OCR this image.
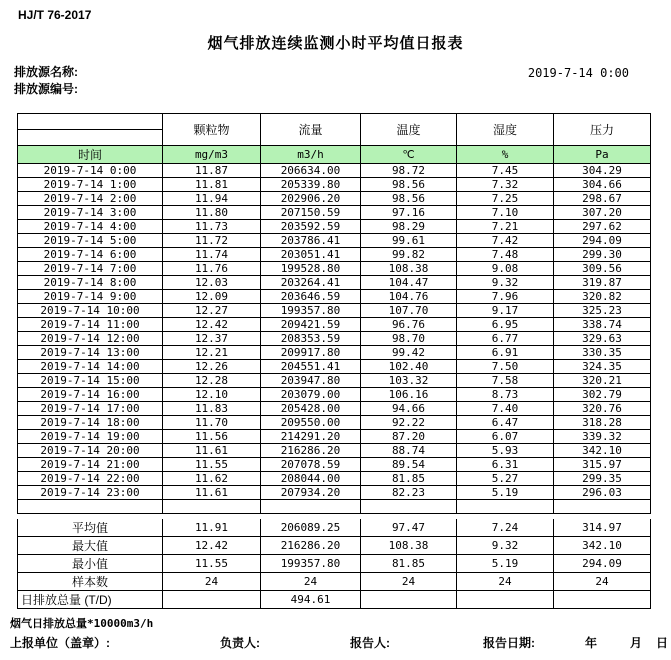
HJ/T 76-2017
烟气排放连续监测小时平均值日报表
排放源名称:
排放源编号:
2019-7-14 0:00
	颗粒物	流量	温度	湿度	压力

时间	mg/m3	m3/h	℃	%	Pa
2019-7-14 0:00	11.87	206634.00	98.72	7.45	304.29
2019-7-14 1:00	11.81	205339.80	98.56	7.32	304.66
2019-7-14 2:00	11.94	202906.20	98.56	7.25	298.67
2019-7-14 3:00	11.80	207150.59	97.16	7.10	307.20
2019-7-14 4:00	11.73	203592.59	98.29	7.21	297.62
2019-7-14 5:00	11.72	203786.41	99.61	7.42	294.09
2019-7-14 6:00	11.74	203051.41	99.82	7.48	299.30
2019-7-14 7:00	11.76	199528.80	108.38	9.08	309.56
2019-7-14 8:00	12.03	203264.41	104.47	9.32	319.87
2019-7-14 9:00	12.09	203646.59	104.76	7.96	320.82
2019-7-14 10:00	12.27	199357.80	107.70	9.17	325.23
2019-7-14 11:00	12.42	209421.59	96.76	6.95	338.74
2019-7-14 12:00	12.37	208353.59	98.70	6.77	329.63
2019-7-14 13:00	12.21	209917.80	99.42	6.91	330.35
2019-7-14 14:00	12.26	204551.41	102.40	7.50	324.35
2019-7-14 15:00	12.28	203947.80	103.32	7.58	320.21
2019-7-14 16:00	12.10	203079.00	106.16	8.73	302.79
2019-7-14 17:00	11.83	205428.00	94.66	7.40	320.76
2019-7-14 18:00	11.70	209550.00	92.22	6.47	318.28
2019-7-14 19:00	11.56	214291.20	87.20	6.07	339.32
2019-7-14 20:00	11.61	216286.20	88.74	5.93	342.10
2019-7-14 21:00	11.55	207078.59	89.54	6.31	315.97
2019-7-14 22:00	11.62	208044.00	81.85	5.27	299.35
2019-7-14 23:00	11.61	207934.20	82.23	5.19	296.03

平均值	11.91	206089.25	97.47	7.24	314.97
最大值	12.42	216286.20	108.38	9.32	342.10
最小值	11.55	199357.80	81.85	5.19	294.09
样本数	24	24	24	24	24
日排放总量 (T/D)		494.61			
烟气日排放总量*10000m3/h
上报单位（盖章）:	负责人:	报告人:	报告日期:	年	月 日
